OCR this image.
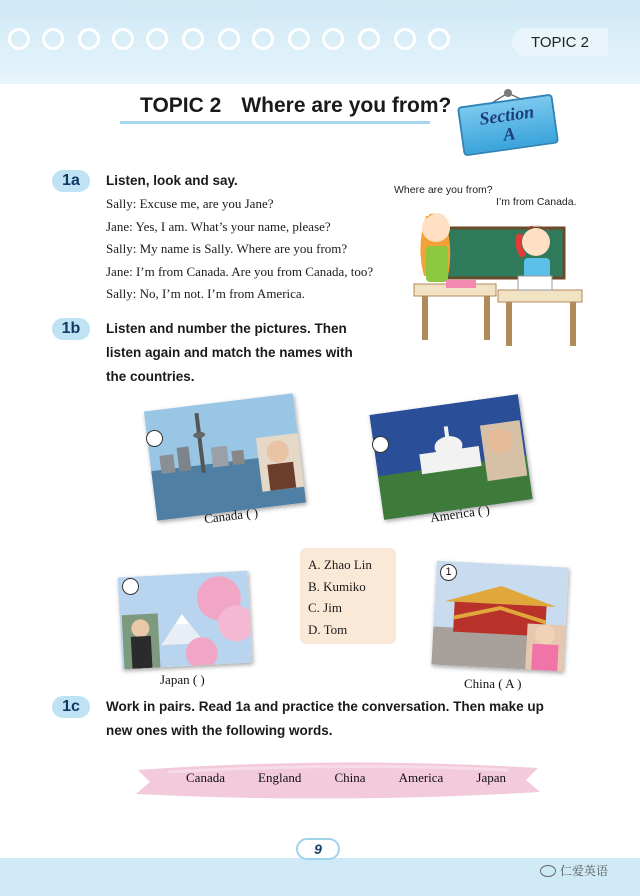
TOPIC 2
TOPIC 2 Where are you from? Section
A
1a	Listen, look and say.
Sally: Excuse me, are you Jane?
Jane: Yes, I am. What’s your name, please?
Sally: My name is Sally. Where are you from?
Jane: I’m from Canada. Are you from Canada, too?
Sally: No, I’m not. I’m from America.
Where are you from?
I’m from Canada.
1b	Listen and number the pictures. Then
listen again and match the names with
the countries.
Canada ( )	America ( )
A. Zhao Lin
B. Kumiko
C. Jim
D. Tom
Japan ( )
1
China ( A )
1c	Work in pairs. Read 1a and practice the conversation. Then make up
new ones with the following words.
Canada	England	China	America	Japan
9
仁爱英语
